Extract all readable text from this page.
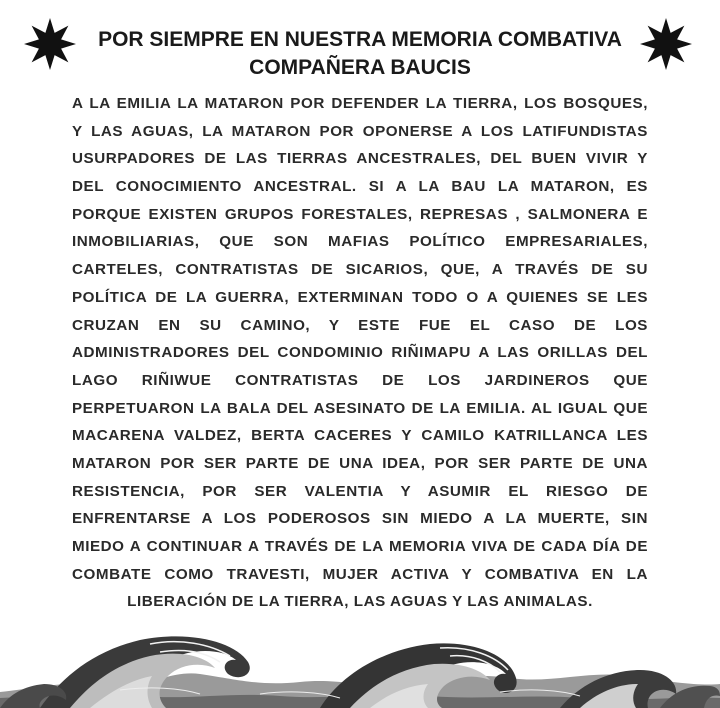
POR SIEMPRE EN NUESTRA MEMORIA COMBATIVA
COMPAÑERA BAUCIS
A LA EMILIA LA MATARON POR DEFENDER LA TIERRA, LOS BOSQUES,
Y LAS AGUAS, LA MATARON POR OPONERSE A LOS LATIFUNDISTAS
USURPADORES DE LAS TIERRAS ANCESTRALES, DEL BUEN VIVIR Y
DEL CONOCIMIENTO ANCESTRAL. SI A LA BAU LA MATARON, ES
PORQUE EXISTEN GRUPOS FORESTALES, REPRESAS , SALMONERA E
INMOBILIARIAS, QUE SON MAFIAS POLÍTICO EMPRESARIALES,
CARTELES, CONTRATISTAS DE SICARIOS, QUE, A TRAVÉS DE SU
POLÍTICA DE LA GUERRA, EXTERMINAN TODO O A QUIENES SE LES
CRUZAN EN SU CAMINO, Y ESTE FUE EL CASO DE LOS
ADMINISTRADORES DEL CONDOMINIO RIÑIMAPU A LAS ORILLAS DEL
LAGO RIÑIWUE CONTRATISTAS DE LOS JARDINEROS QUE
PERPETUARON LA BALA DEL ASESINATO DE LA EMILIA. AL IGUAL QUE
MACARENA VALDEZ, BERTA CACERES Y CAMILO KATRILLANCA LES
MATARON POR SER PARTE DE UNA IDEA, POR SER PARTE DE UNA
RESISTENCIA, POR SER VALENTIA Y ASUMIR EL RIESGO DE
ENFRENTARSE A LOS PODEROSOS SIN MIEDO A LA MUERTE, SIN
MIEDO A CONTINUAR A TRAVÉS DE LA MEMORIA VIVA DE CADA DÍA DE
COMBATE COMO TRAVESTI, MUJER ACTIVA Y COMBATIVA EN LA
LIBERACIÓN DE LA TIERRA, LAS AGUAS Y LAS ANIMALAS.
